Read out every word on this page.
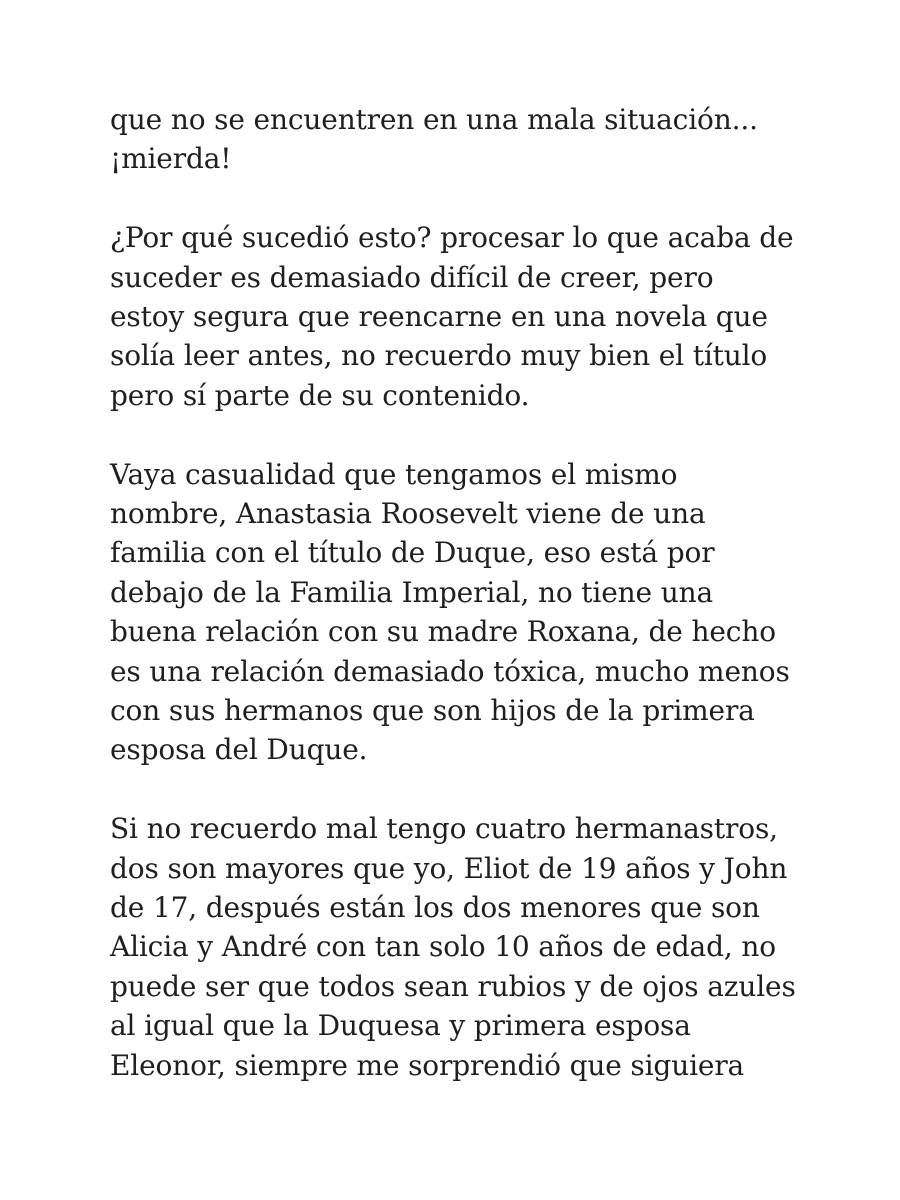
que no se encuentren en una mala situación...
¡mierda!

¿Por qué sucedió esto? procesar lo que acaba de
suceder es demasiado difícil de creer, pero
estoy segura que reencarne en una novela que
solía leer antes, no recuerdo muy bien el título
pero sí parte de su contenido.

Vaya casualidad que tengamos el mismo
nombre, Anastasia Roosevelt viene de una
familia con el título de Duque, eso está por
debajo de la Familia Imperial, no tiene una
buena relación con su madre Roxana, de hecho
es una relación demasiado tóxica, mucho menos
con sus hermanos que son hijos de la primera
esposa del Duque.

Si no recuerdo mal tengo cuatro hermanastros,
dos son mayores que yo, Eliot de 19 años y John
de 17, después están los dos menores que son
Alicia y André con tan solo 10 años de edad, no
puede ser que todos sean rubios y de ojos azules
al igual que la Duquesa y primera esposa
Eleonor, siempre me sorprendió que siguiera
